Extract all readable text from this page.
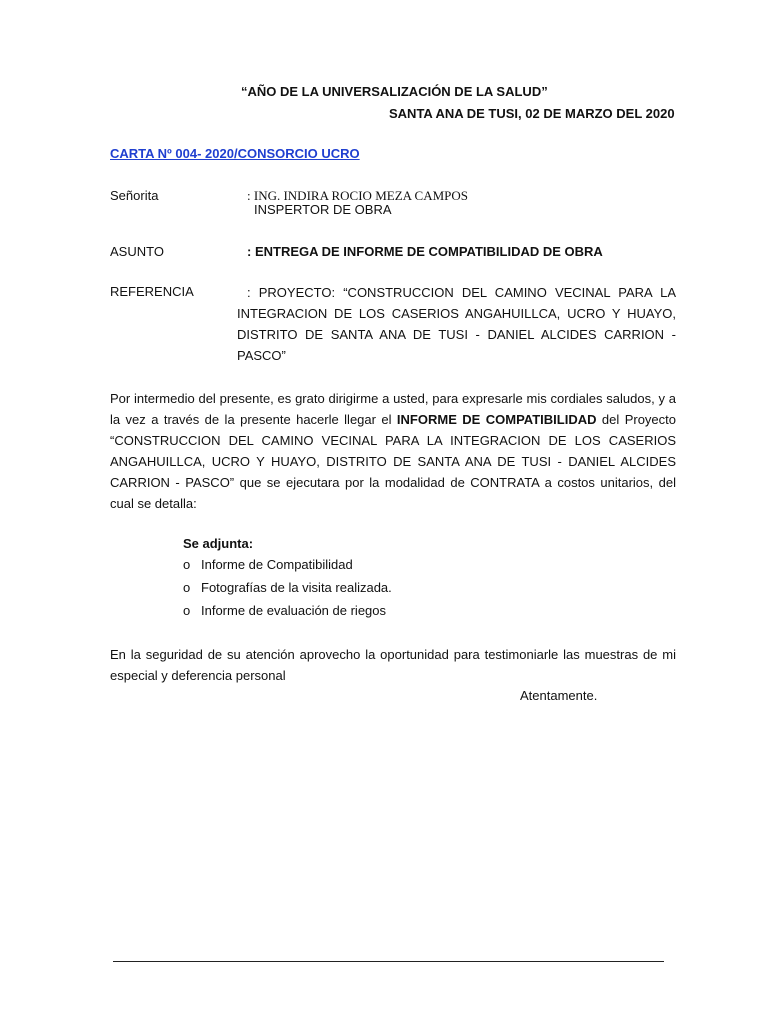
“AÑO DE LA UNIVERSALIZACIÓN DE LA SALUD”
SANTA ANA DE TUSI, 02 DE MARZO DEL 2020
CARTA Nº 004- 2020/CONSORCIO UCRO
Señorita	: ING. INDIRA ROCIO MEZA CAMPOS
INSPERTOR DE OBRA
ASUNTO	: ENTREGA DE INFORME DE COMPATIBILIDAD DE OBRA
REFERENCIA	: PROYECTO: “CONSTRUCCION DEL CAMINO VECINAL PARA LA INTEGRACION DE LOS CASERIOS ANGAHUILLCA, UCRO Y HUAYO, DISTRITO DE SANTA ANA DE TUSI - DANIEL ALCIDES CARRION - PASCO”
Por intermedio del presente, es grato dirigirme a usted, para expresarle mis cordiales saludos, y a la vez a través de la presente hacerle llegar el INFORME DE COMPATIBILIDAD del Proyecto “CONSTRUCCION DEL CAMINO VECINAL PARA LA INTEGRACION DE LOS CASERIOS ANGAHUILLCA, UCRO Y HUAYO, DISTRITO DE SANTA ANA DE TUSI - DANIEL ALCIDES CARRION - PASCO” que se ejecutara por la modalidad de CONTRATA a costos unitarios, del cual se detalla:
Se adjunta:
o Informe de Compatibilidad
o Fotografías de la visita realizada.
o Informe de evaluación de riegos
En la seguridad de su atención aprovecho la oportunidad para testimoniarle las muestras de mi especial y deferencia personal
Atentamente.
